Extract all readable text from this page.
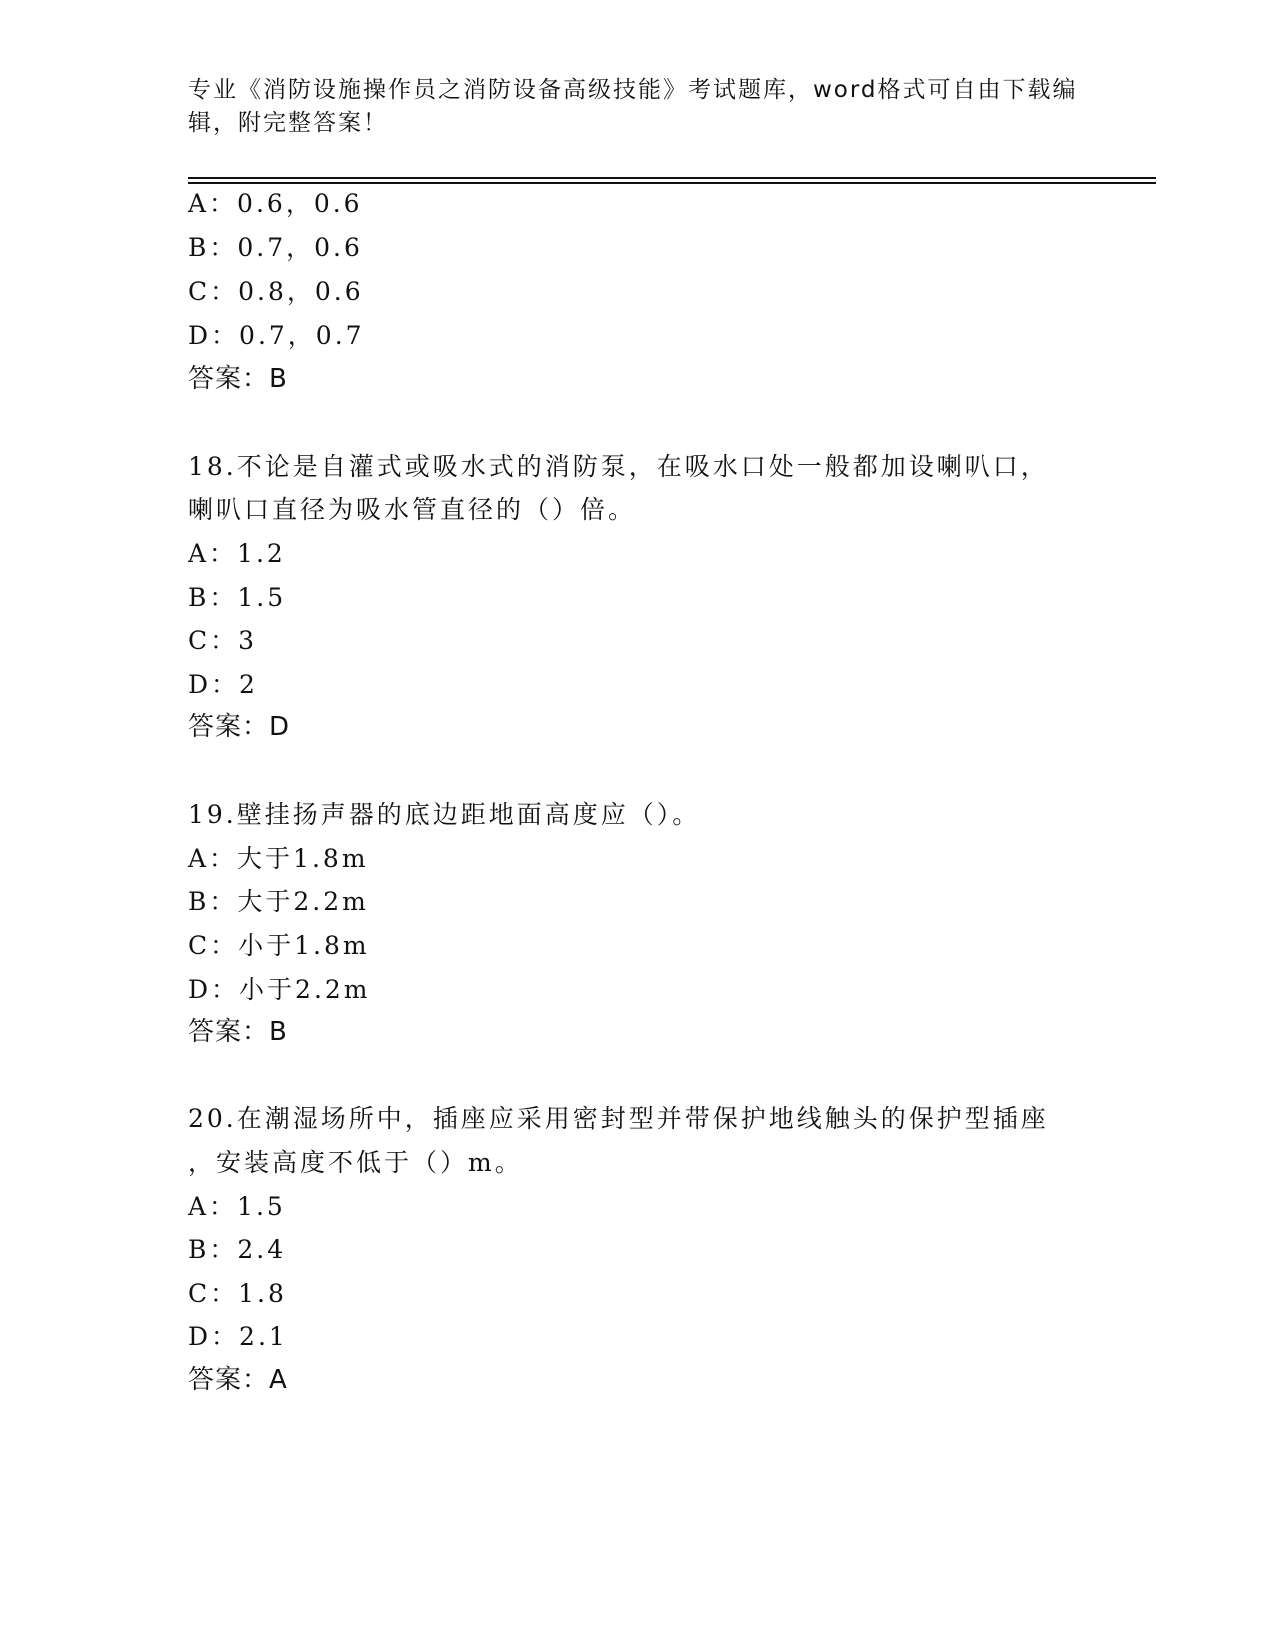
专业《消防设施操作员之消防设备高级技能》考试题库，word格式可自由下载编
辑，附完整答案！
A：0.6，0.6
B：0.7，0.6
C：0.8，0.6
D：0.7，0.7
答案：B
18.不论是自灌式或吸水式的消防泵，在吸水口处一般都加设喇叭口，
喇叭口直径为吸水管直径的（）倍。
A：1.2
B：1.5
C：3
D：2
答案：D
19.壁挂扬声器的底边距地面高度应（）。
A：大于1.8m
B：大于2.2m
C：小于1.8m
D：小于2.2m
答案：B
20.在潮湿场所中，插座应采用密封型并带保护地线触头的保护型插座
，安装高度不低于（）m。
A：1.5
B：2.4
C：1.8
D：2.1
答案：A
